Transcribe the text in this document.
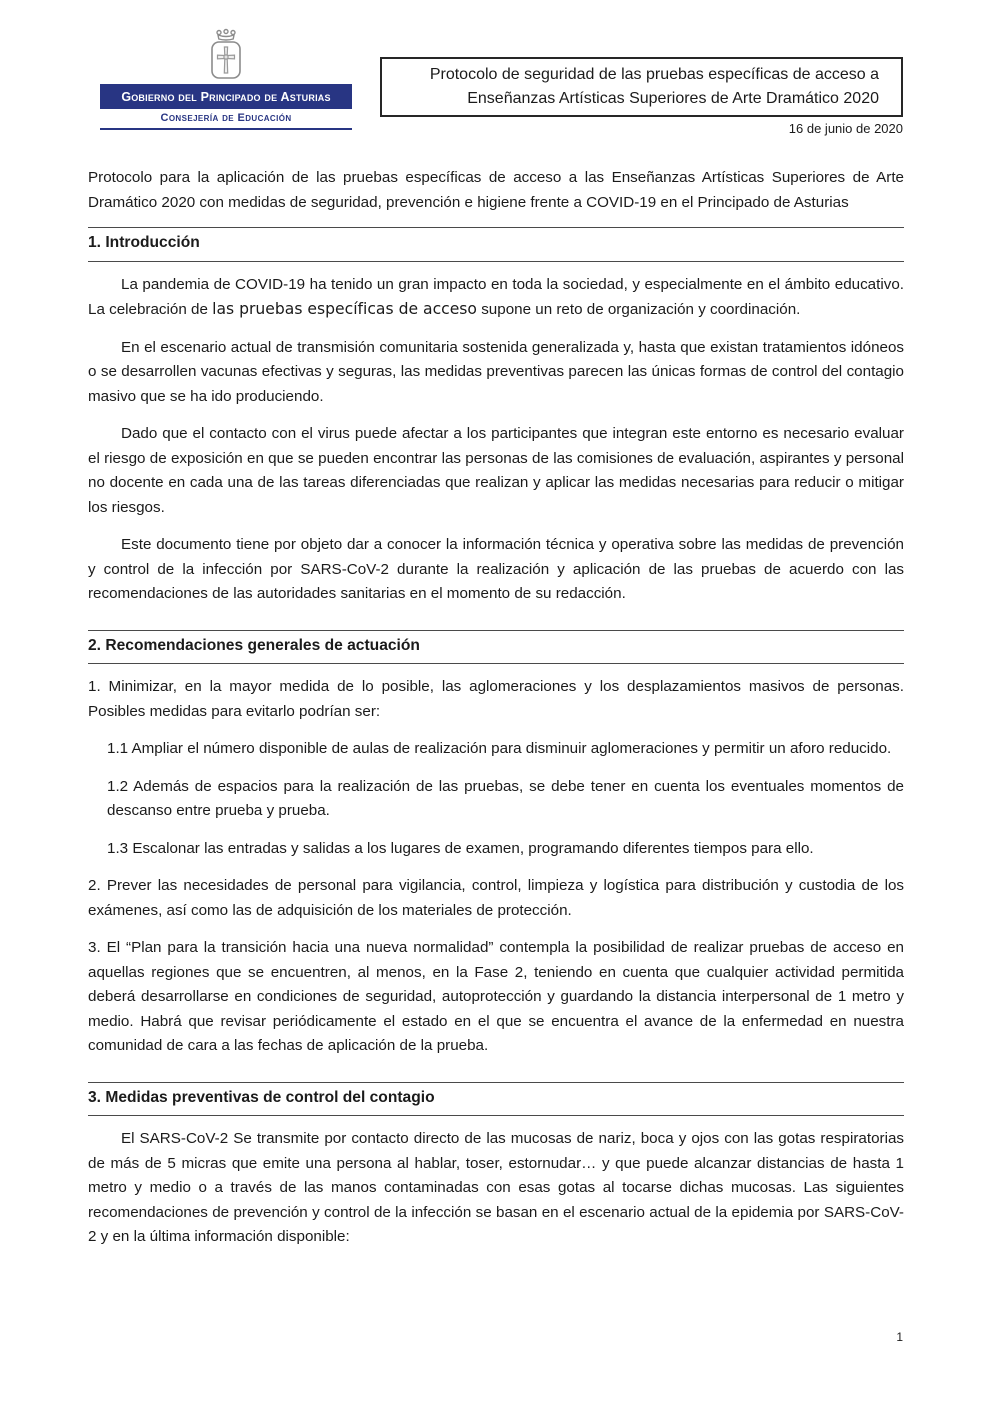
Gobierno del Principado de Asturias
Consejería de Educación
Protocolo de seguridad de las pruebas específicas de acceso a
Enseñanzas Artísticas Superiores de Arte Dramático 2020
16 de junio de 2020

Protocolo para la aplicación de las pruebas específicas de acceso a las Enseñanzas Artísticas Superiores de Arte Dramático 2020 con medidas de seguridad, prevención e higiene frente a COVID-19 en el Principado de Asturias

1. Introducción

La pandemia de COVID-19 ha tenido un gran impacto en toda la sociedad, y especialmente en el ámbito educativo. La celebración de las pruebas específicas de acceso supone un reto de organización y coordinación.

En el escenario actual de transmisión comunitaria sostenida generalizada y, hasta que existan tratamientos idóneos o se desarrollen vacunas efectivas y seguras, las medidas preventivas parecen las únicas formas de control del contagio masivo que se ha ido produciendo.

Dado que el contacto con el virus puede afectar a los participantes que integran este entorno es necesario evaluar el riesgo de exposición en que se pueden encontrar las personas de las comisiones de evaluación, aspirantes y personal no docente en cada una de las tareas diferenciadas que realizan y aplicar las medidas necesarias para reducir o mitigar los riesgos.

Este documento tiene por objeto dar a conocer la información técnica y operativa sobre las medidas de prevención y control de la infección por SARS-CoV-2 durante la realización y aplicación de las pruebas de acuerdo con las recomendaciones de las autoridades sanitarias en el momento de su redacción.

2. Recomendaciones generales de actuación

1. Minimizar, en la mayor medida de lo posible, las aglomeraciones y los desplazamientos masivos de personas. Posibles medidas para evitarlo podrían ser:

1.1 Ampliar el número disponible de aulas de realización para disminuir aglomeraciones y permitir un aforo reducido.

1.2 Además de espacios para la realización de las pruebas, se debe tener en cuenta los eventuales momentos de descanso entre prueba y prueba.

1.3 Escalonar las entradas y salidas a los lugares de examen, programando diferentes tiempos para ello.

2. Prever las necesidades de personal para vigilancia, control, limpieza y logística para distribución y custodia de los exámenes, así como las de adquisición de los materiales de protección.

3. El “Plan para la transición hacia una nueva normalidad” contempla la posibilidad de realizar pruebas de acceso en aquellas regiones que se encuentren, al menos, en la Fase 2, teniendo en cuenta que cualquier actividad permitida deberá desarrollarse en condiciones de seguridad, autoprotección y guardando la distancia interpersonal de 1 metro y medio. Habrá que revisar periódicamente el estado en el que se encuentra el avance de la enfermedad en nuestra comunidad de cara a las fechas de aplicación de la prueba.

3. Medidas preventivas de control del contagio

El SARS-CoV-2 Se transmite por contacto directo de las mucosas de nariz, boca y ojos con las gotas respiratorias de más de 5 micras que emite una persona al hablar, toser, estornudar… y que puede alcanzar distancias de hasta 1 metro y medio o a través de las manos contaminadas con esas gotas al tocarse dichas mucosas. Las siguientes recomendaciones de prevención y control de la infección se basan en el escenario actual de la epidemia por SARS-CoV-2 y en la última información disponible:

1
